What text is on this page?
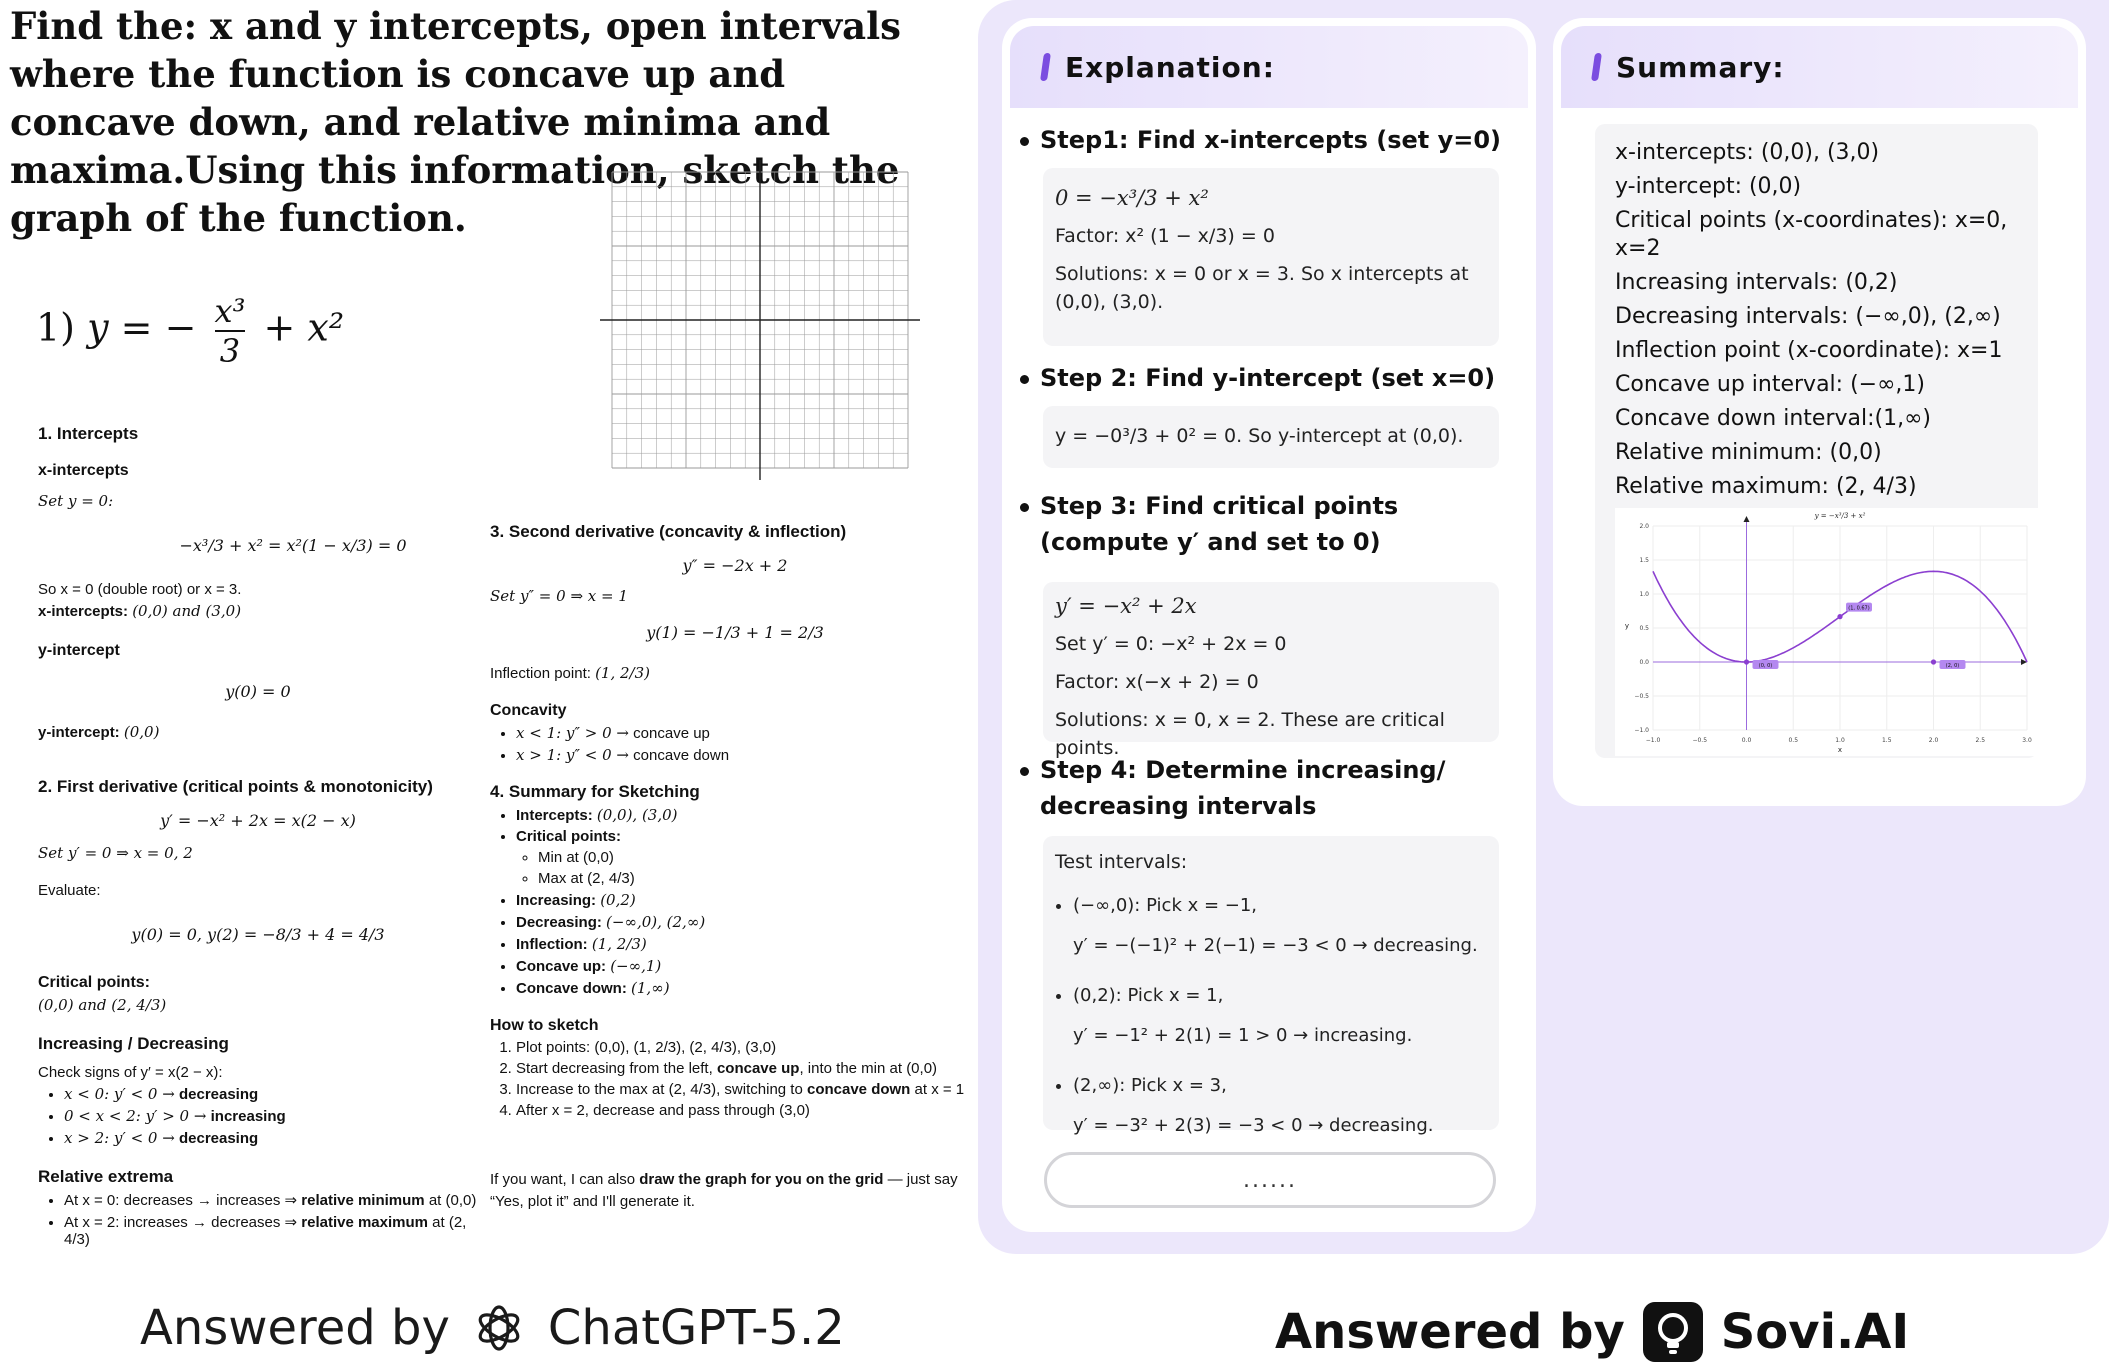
Find the: x and y intercepts, open intervals where the function is concave up and concave down, and relative minima and maxima.Using this information, sketch the graph of the function.
1) y = − $\frac{\text{x³}}{3} + x^2$
1. Intercepts
x-intercepts
Set y = 0:
−x³/3 + x² = x²(1 − x/3) = 0
So x = 0 (double root) or x = 3.
x-intercepts: (0,0) and (3,0)
y-intercept
y(0) = 0
y-intercept: (0,0)
2. First derivative (critical points & monotonicity)
y′ = −x² + 2x = x(2 − x)
Set y′ = 0 ⇒ x = 0, 2
Evaluate:
y(0) = 0, y(2) = −8/3 + 4 = 4/3
Critical points:
(0,0) and (2, 4/3)
Increasing / Decreasing
Check signs of y′ = x(2 − x):
• x < 0: y′ < 0 → decreasing
• 0 < x < 2: y′ > 0 → increasing
• x > 2: y′ < 0 → decreasing
Relative extrema
• At x = 0: decreases → increases ⇒ relative minimum at (0,0)
• At x = 2: increases → decreases ⇒ relative maximum at (2, 4/3)
3. Second derivative (concavity & inflection)
y″ = −2x + 2
Set y″ = 0 ⇒ x = 1
y(1) = −1/3 + 1 = 2/3
Inflection point: (1, 2/3)
Concavity
• x < 1: y″ > 0 → concave up
• x > 1: y″ < 0 → concave down
4. Summary for Sketching
• Intercepts: (0,0), (3,0)
• Critical points:
◦ Min at (0,0)
◦ Max at (2, 4/3)
• Increasing: (0,2)
• Decreasing: (−∞,0), (2,∞)
• Inflection: (1, 2/3)
• Concave up: (−∞,1)
• Concave down: (1,∞)
How to sketch
1. Plot points: (0,0), (1, 2/3), (2, 4/3), (3,0)
2. Start decreasing from the left, concave up, into the min at (0,0)
3. Increase to the max at (2, 4/3), switching to concave down at x = 1
4. After x = 2, decrease and pass through (3,0)
If you want, I can also draw the graph for you on the grid — just say “Yes, plot it” and I'll generate it.
Answered by ChatGPT-5.2
Explanation:
Step1: Find x-intercepts (set y=0)
0 = −x³/3 + x²
Factor: x² (1 − x/3) = 0
Solutions: x = 0 or x = 3. So x intercepts at (0,0), (3,0).
Step 2: Find y-intercept (set x=0)
y = −0³/3 + 0² = 0. So y-intercept at (0,0).
Step 3: Find critical points (compute y′ and set to 0)
y′ = −x² + 2x
Set y′ = 0: −x² + 2x = 0
Factor: x(−x + 2) = 0
Solutions: x = 0, x = 2. These are critical points.
Step 4: Determine increasing/ decreasing intervals
Test intervals:
• (−∞,0): Pick x = −1,
y′ = −(−1)² + 2(−1) = −3 < 0 → decreasing.
• (0,2): Pick x = 1,
y′ = −1² + 2(1) = 1 > 0 → increasing.
• (2,∞): Pick x = 3,
y′ = −3² + 2(3) = −3 < 0 → decreasing.
......
Summary:
x-intercepts: (0,0), (3,0)
y-intercept: (0,0)
Critical points (x-coordinates): x=0, x=2
Increasing intervals: (0,2)
Decreasing intervals: (−∞,0), (2,∞)
Inflection point (x-coordinate): x=1
Concave up interval: (−∞,1)
Concave down interval:(1,∞)
Relative minimum: (0,0)
Relative maximum: (2, 4/3)
−1.0	−0.5	0.0	0.5	1.0	1.5	2.0	2.5	3.0
−1.0
−0.5
0.0
0.5
1.0
1.5
2.0
(0, 0)
(1, 0.67)
(2, 0)
y = −x³/3 + x²
x
y
Answered by Sovi.AI
